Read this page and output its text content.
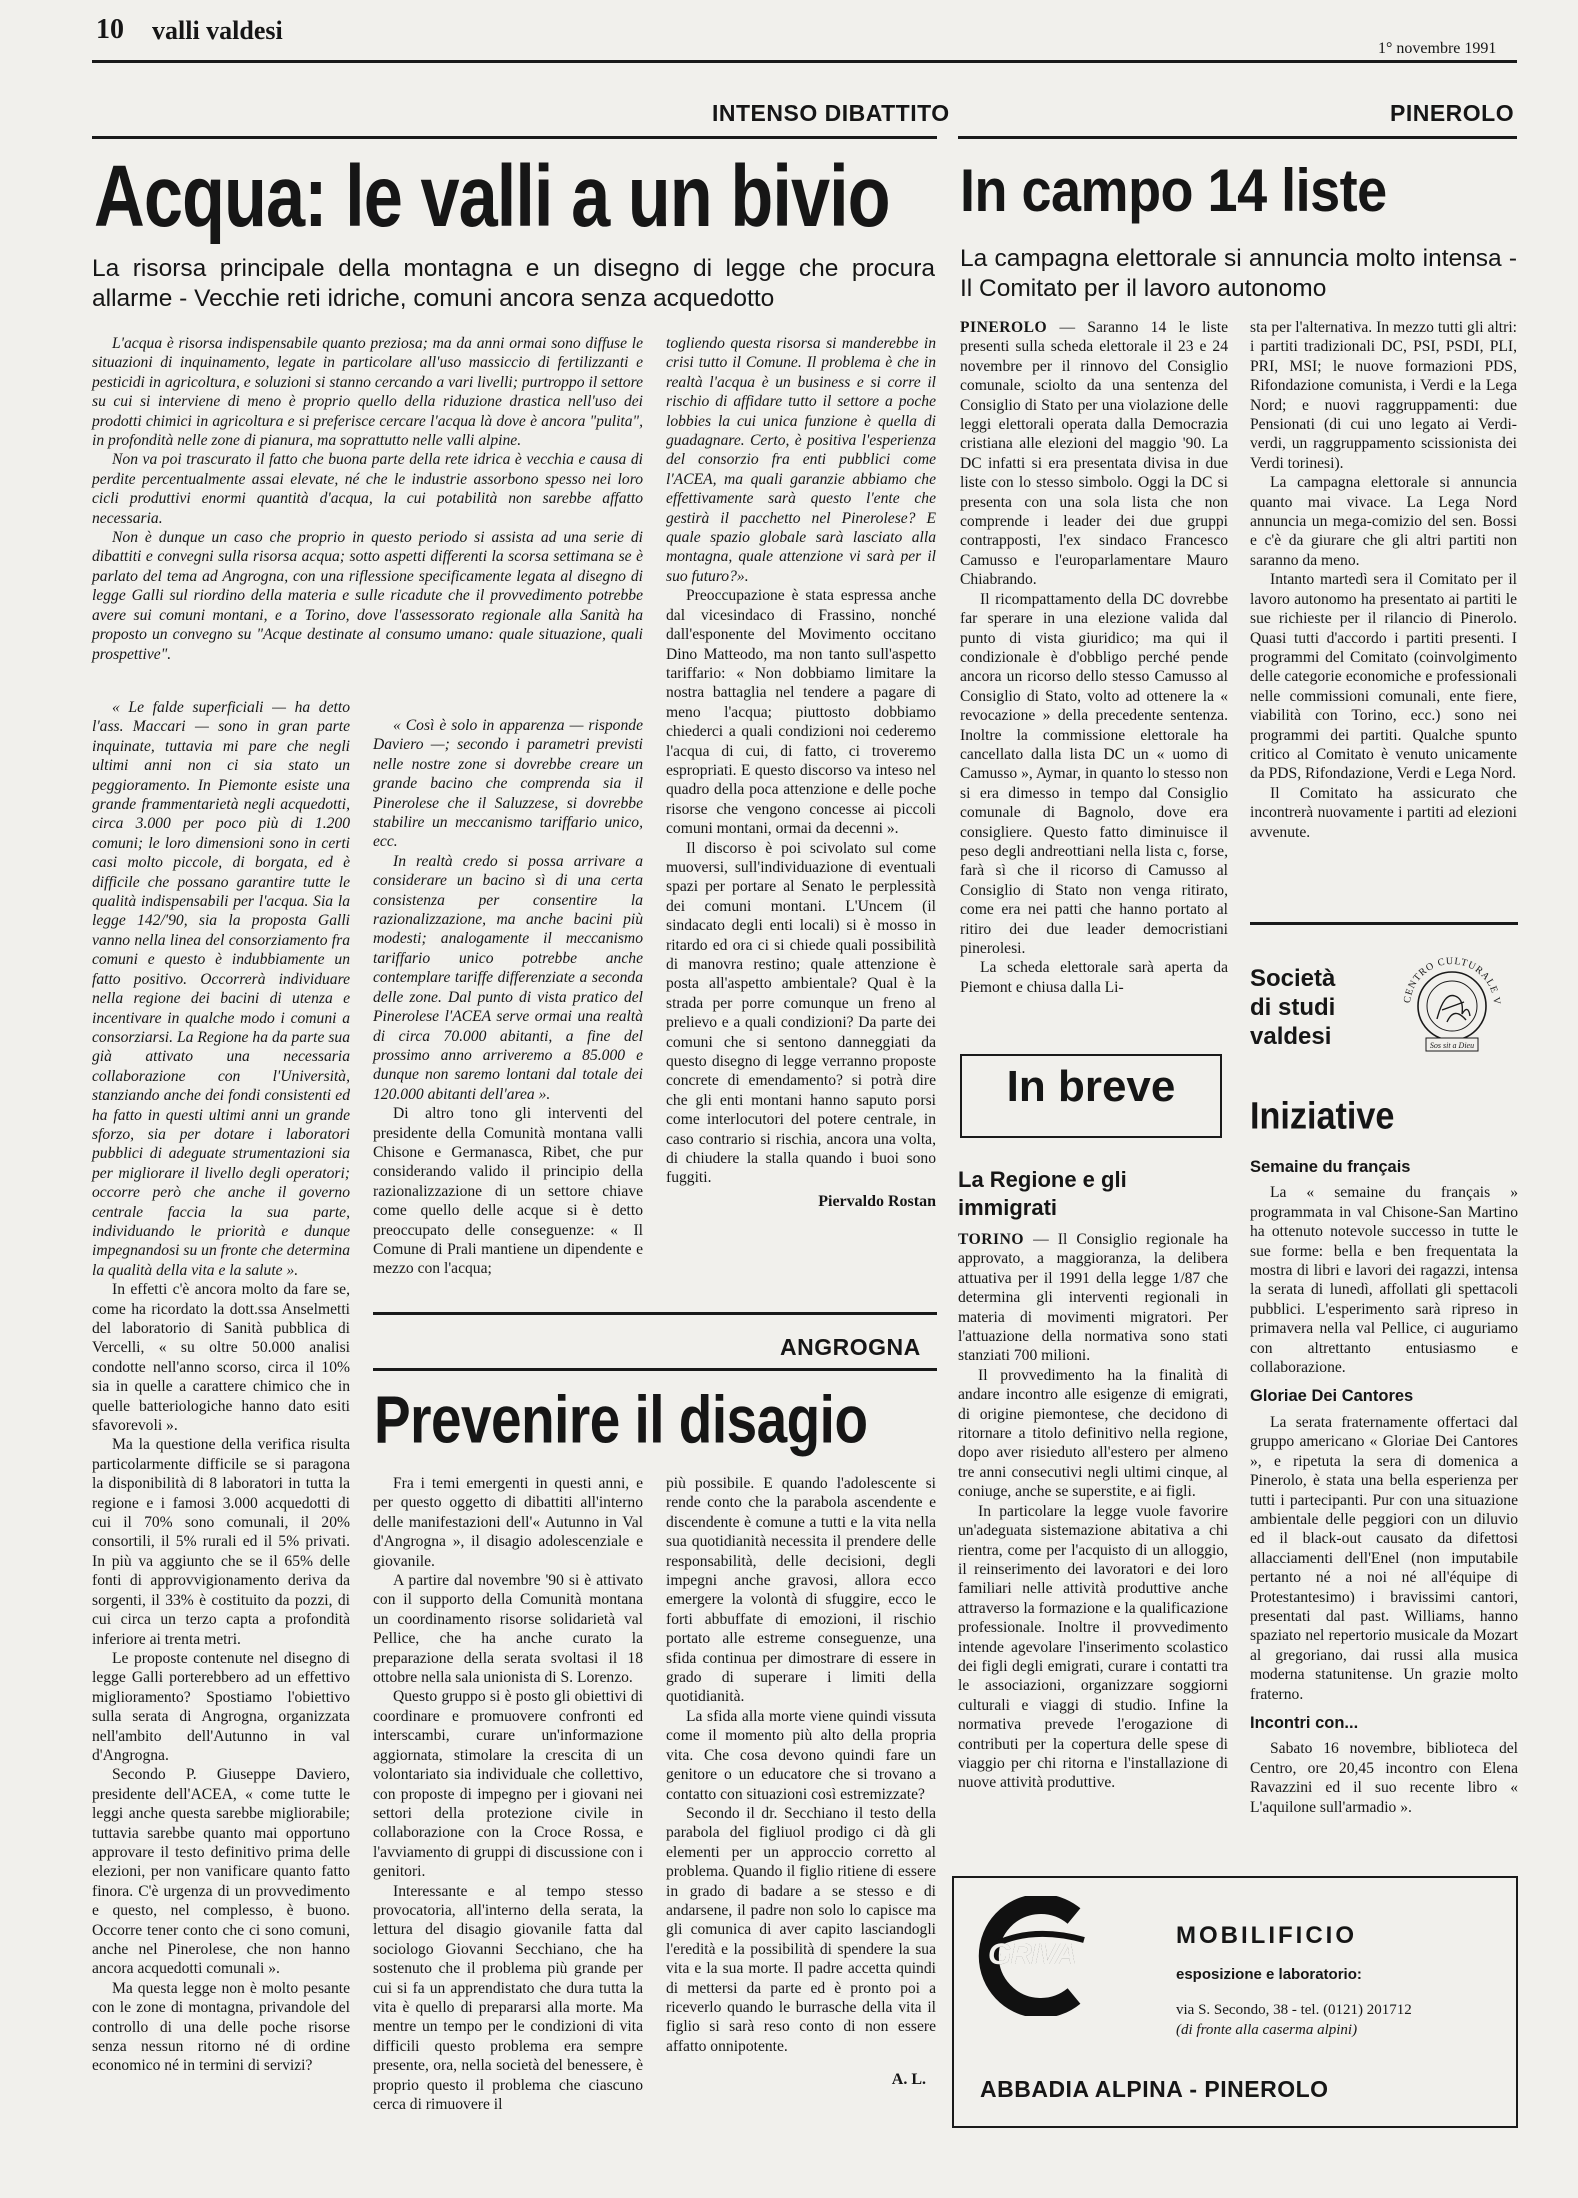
10 valli valdesi
1° novembre 1991
INTENSO DIBATTITO
Acqua: le valli a un bivio
La risorsa principale della montagna e un disegno di legge che procura allarme - Vecchie reti idriche, comuni ancora senza acquedotto

L'acqua è risorsa indispensabile quanto preziosa; ma da anni ormai sono diffuse le situazioni di inquinamento, legate in particolare all'uso massiccio di fertilizzanti e pesticidi in agricoltura, e soluzioni si stanno cercando a vari livelli; purtroppo il settore su cui si interviene di meno è proprio quello della riduzione drastica nell'uso dei prodotti chimici in agricoltura e si preferisce cercare l'acqua là dove è ancora "pulita", in profondità nelle zone di pianura, ma soprattutto nelle valli alpine.

Non va poi trascurato il fatto che buona parte della rete idrica è vecchia e causa di perdite percentualmente assai elevate, né che le industrie assorbono spesso nei loro cicli produttivi enormi quantità d'acqua, la cui potabilità non sarebbe affatto necessaria.

Non è dunque un caso che proprio in questo periodo si assista ad una serie di dibattiti e convegni sulla risorsa acqua; sotto aspetti differenti la scorsa settimana se è parlato del tema ad Angrogna, con una riflessione specificamente legata al disegno di legge Galli sul riordino della materia e sulle ricadute che il provvedimento potrebbe avere sui comuni montani, e a Torino, dove l'assessorato regionale alla Sanità ha proposto un convegno su "Acque destinate al consumo umano: quale situazione, quali prospettive".

togliendo questa risorsa si manderebbe in crisi tutto il Comune. Il problema è che in realtà l'acqua è un business e si corre il rischio di affidare tutto il settore a poche lobbies la cui unica funzione è quella di guadagnare. Certo, è positiva l'esperienza del consorzio fra enti pubblici come l'ACEA, ma quali garanzie abbiamo che effettivamente sarà questo l'ente che gestirà il pacchetto nel Pinerolese? E quale spazio globale sarà lasciato alla montagna, quale attenzione vi sarà per il suo futuro?».

Preoccupazione è stata espressa anche dal vicesindaco di Frassino, nonché dall'esponente del Movimento occitano Dino Matteodo, ma non tanto sull'aspetto tariffario: « Non dobbiamo limitare la nostra battaglia nel tendere a pagare di meno l'acqua; piuttosto dobbiamo chiederci a quali condizioni noi cederemo l'acqua di cui, di fatto, ci troveremo espropriati. E questo discorso va inteso nel quadro della poca attenzione e delle poche risorse che vengono concesse ai piccoli comuni montani, ormai da decenni ».

Il discorso è poi scivolato sul come muoversi, sull'individuazione di eventuali spazi per portare al Senato le perplessità dei comuni montani. L'Uncem (il sindacato degli enti locali) si è mosso in ritardo ed ora ci si chiede quali possibilità di manovra restino; quale attenzione è posta all'aspetto ambientale? Qual è la strada per porre comunque un freno al prelievo e a quali condizioni? Da parte dei comuni che si sentono danneggiati da questo disegno di legge verranno proposte concrete di emendamento? si potrà dire che gli enti montani hanno saputo porsi come interlocutori del potere centrale, in caso contrario si rischia, ancora una volta, di chiudere la stalla quando i buoi sono fuggiti.

Piervaldo Rostan

« Le falde superficiali — ha detto l'ass. Maccari — sono in gran parte inquinate, tuttavia mi pare che negli ultimi anni non ci sia stato un peggioramento. In Piemonte esiste una grande frammentarietà negli acquedotti, circa 3.000 per poco più di 1.200 comuni; le loro dimensioni sono in certi casi molto piccole, di borgata, ed è difficile che possano garantire tutte le qualità indispensabili per l'acqua. Sia la legge 142/'90, sia la proposta Galli vanno nella linea del consorziamento fra comuni e questo è indubbiamente un fatto positivo. Occorrerà individuare nella regione dei bacini di utenza e incentivare in qualche modo i comuni a consorziarsi. La Regione ha da parte sua già attivato una necessaria collaborazione con l'Università, stanziando anche dei fondi consistenti ed ha fatto in questi ultimi anni un grande sforzo, sia per dotare i laboratori pubblici di adeguate strumentazioni sia per migliorare il livello degli operatori; occorre però che anche il governo centrale faccia la sua parte, individuando le priorità e dunque impegnandosi su un fronte che determina la qualità della vita e la salute ».

In effetti c'è ancora molto da fare se, come ha ricordato la dott.ssa Anselmetti del laboratorio di Sanità pubblica di Vercelli, « su oltre 50.000 analisi condotte nell'anno scorso, circa il 10% sia in quelle a carattere chimico che in quelle batteriologiche hanno dato esiti sfavorevoli ».

Ma la questione della verifica risulta particolarmente difficile se si paragona la disponibilità di 8 laboratori in tutta la regione e i famosi 3.000 acquedotti di cui il 70% sono comunali, il 20% consortili, il 5% rurali ed il 5% privati. In più va aggiunto che se il 65% delle fonti di approvvigionamento deriva da sorgenti, il 33% è costituito da pozzi, di cui circa un terzo capta a profondità inferiore ai trenta metri.

Le proposte contenute nel disegno di legge Galli porterebbero ad un effettivo miglioramento? Spostiamo l'obiettivo sulla serata di Angrogna, organizzata nell'ambito dell'Autunno in val d'Angrogna.

Secondo P. Giuseppe Daviero, presidente dell'ACEA, « come tutte le leggi anche questa sarebbe migliorabile; tuttavia sarebbe quanto mai opportuno approvare il testo definitivo prima delle elezioni, per non vanificare quanto fatto finora. C'è urgenza di un provvedimento e questo, nel complesso, è buono. Occorre tener conto che ci sono comuni, anche nel Pinerolese, che non hanno ancora acquedotti comunali ».

Ma questa legge non è molto pesante con le zone di montagna, privandole del controllo di una delle poche risorse senza nessun ritorno né di ordine economico né in termini di servizi?

« Così è solo in apparenza — risponde Daviero —; secondo i parametri previsti nelle nostre zone si dovrebbe creare un grande bacino che comprenda sia il Pinerolese che il Saluzzese, si dovrebbe stabilire un meccanismo tariffario unico, ecc.

In realtà credo si possa arrivare a considerare un bacino sì di una certa consistenza per consentire la razionalizzazione, ma anche bacini più modesti; analogamente il meccanismo tariffario unico potrebbe anche contemplare tariffe differenziate a seconda delle zone. Dal punto di vista pratico del Pinerolese l'ACEA serve ormai una realtà di circa 70.000 abitanti, a fine del prossimo anno arriveremo a 85.000 e dunque non saremo lontani dal totale dei 120.000 abitanti dell'area ».

Di altro tono gli interventi del presidente della Comunità montana valli Chisone e Germanasca, Ribet, che pur considerando valido il principio della razionalizzazione di un settore chiave come quello delle acque si è detto preoccupato delle conseguenze: « Il Comune di Prali mantiene un dipendente e mezzo con l'acqua;

ANGROGNA
Prevenire il disagio

Fra i temi emergenti in questi anni, e per questo oggetto di dibattiti all'interno delle manifestazioni dell'« Autunno in Val d'Angrogna », il disagio adolescenziale e giovanile.

A partire dal novembre '90 si è attivato con il supporto della Comunità montana un coordinamento risorse solidarietà val Pellice, che ha anche curato la preparazione della serata svoltasi il 18 ottobre nella sala unionista di S. Lorenzo.

Questo gruppo si è posto gli obiettivi di coordinare e promuovere confronti ed interscambi, curare un'informazione aggiornata, stimolare la crescita di un volontariato sia individuale che collettivo, con proposte di impegno per i giovani nei settori della protezione civile in collaborazione con la Croce Rossa, e l'avviamento di gruppi di discussione con i genitori.

Interessante e al tempo stesso provocatoria, all'interno della serata, la lettura del disagio giovanile fatta dal sociologo Giovanni Secchiano, che ha sostenuto che il problema più grande per cui si fa un apprendistato che dura tutta la vita è quello di prepararsi alla morte. Ma mentre un tempo per le condizioni di vita difficili questo problema era sempre presente, ora, nella società del benessere, è proprio questo il problema che ciascuno cerca di rimuovere il

più possibile. E quando l'adolescente si rende conto che la parabola ascendente e discendente è comune a tutti e la vita nella sua quotidianità necessita il prendere delle responsabilità, delle decisioni, degli impegni anche gravosi, allora ecco emergere la volontà di sfuggire, ecco le forti abbuffate di emozioni, il rischio portato alle estreme conseguenze, una sfida continua per dimostrare di essere in grado di superare i limiti della quotidianità.

La sfida alla morte viene quindi vissuta come il momento più alto della propria vita. Che cosa devono quindi fare un genitore o un educatore che si trovano a contatto con situazioni così estremizzate?

Secondo il dr. Secchiano il testo della parabola del figliuol prodigo ci dà gli elementi per un approccio corretto al problema. Quando il figlio ritiene di essere in grado di badare a se stesso e di andarsene, il padre non solo lo capisce ma gli comunica di aver capito lasciandogli l'eredità e la possibilità di spendere la sua vita e la sua morte. Il padre accetta quindi di mettersi da parte ed è pronto poi a riceverlo quando le burrasche della vita il figlio si sarà reso conto di non essere affatto onnipotente.

A. L.
PINEROLO
In campo 14 liste
La campagna elettorale si annuncia molto intensa - Il Comitato per il lavoro autonomo

PINEROLO — Saranno 14 le liste presenti sulla scheda elettorale il 23 e 24 novembre per il rinnovo del Consiglio comunale, sciolto da una sentenza del Consiglio di Stato per una violazione delle leggi elettorali operata dalla Democrazia cristiana alle elezioni del maggio '90. La DC infatti si era presentata divisa in due liste con lo stesso simbolo. Oggi la DC si presenta con una sola lista che non comprende i leader dei due gruppi contrapposti, l'ex sindaco Francesco Camusso e l'europarlamentare Mauro Chiabrando.

Il ricompattamento della DC dovrebbe far sperare in una elezione valida dal punto di vista giuridico; ma qui il condizionale è d'obbligo perché pende ancora un ricorso dello stesso Camusso al Consiglio di Stato, volto ad ottenere la « revocazione » della precedente sentenza. Inoltre la commissione elettorale ha cancellato dalla lista DC un « uomo di Camusso », Aymar, in quanto lo stesso non si era dimesso in tempo dal Consiglio comunale di Bagnolo, dove era consigliere. Questo fatto diminuisce il peso degli andreottiani nella lista c, forse, farà sì che il ricorso di Camusso al Consiglio di Stato non venga ritirato, come era nei patti che hanno portato al ritiro dei due leader democristiani pinerolesi.

La scheda elettorale sarà aperta da Piemont e chiusa dalla Li-

sta per l'alternativa. In mezzo tutti gli altri: i partiti tradizionali DC, PSI, PSDI, PLI, PRI, MSI; le nuove formazioni PDS, Rifondazione comunista, i Verdi e la Lega Nord; e nuovi raggruppamenti: due Pensionati (di cui uno legato ai Verdi-verdi, un raggruppamento scissionista dei Verdi torinesi).

La campagna elettorale si annuncia quanto mai vivace. La Lega Nord annuncia un mega-comizio del sen. Bossi e c'è da giurare che gli altri partiti non saranno da meno.

Intanto martedì sera il Comitato per il lavoro autonomo ha presentato ai partiti le sue richieste per il rilancio di Pinerolo. Quasi tutti d'accordo i partiti presenti. I programmi del Comitato (coinvolgimento delle categorie economiche e professionali nelle commissioni comunali, ente fiere, viabilità con Torino, ecc.) sono nei programmi dei partiti. Qualche spunto critico al Comitato è venuto unicamente da PDS, Rifondazione, Verdi e Lega Nord.

Il Comitato ha assicurato che incontrerà nuovamente i partiti ad elezioni avvenute.

In breve
La Regione e gli immigrati

TORINO — Il Consiglio regionale ha approvato, a maggioranza, la delibera attuativa per il 1991 della legge 1/87 che determina gli interventi regionali in materia di movimenti migratori. Per l'attuazione della normativa sono stati stanziati 700 milioni.

Il provvedimento ha la finalità di andare incontro alle esigenze di emigrati, di origine piemontese, che decidono di ritornare a titolo definitivo nella regione, dopo aver risieduto all'estero per almeno tre anni consecutivi negli ultimi cinque, al coniuge, anche se superstite, e ai figli.

In particolare la legge vuole favorire un'adeguata sistemazione abitativa a chi rientra, come per l'acquisto di un alloggio, il reinserimento dei lavoratori e dei loro familiari nelle attività produttive anche attraverso la formazione e la qualificazione professionale. Inoltre il provvedimento intende agevolare l'inserimento scolastico dei figli degli emigrati, curare i contatti tra le associazioni, organizzare soggiorni culturali e viaggi di studio. Infine la normativa prevede l'erogazione di contributi per la copertura delle spese di viaggio per chi ritorna e l'installazione di nuove attività produttive.

Società
di studi
valdesi
CENTRO CULTURALE V
Sos sit a Dieu
Iniziative
Semaine du français

La « semaine du français » programmata in val Chisone-San Martino ha ottenuto notevole successo in tutte le sue forme: bella e ben frequentata la mostra di libri e lavori dei ragazzi, intensa la serata di lunedì, affollati gli spettacoli pubblici. L'esperimento sarà ripreso in primavera nella val Pellice, ci auguriamo con altrettanto entusiasmo e collaborazione.

Gloriae Dei Cantores

La serata fraternamente offertaci dal gruppo americano « Gloriae Dei Cantores », e ripetuta la sera di domenica a Pinerolo, è stata una bella esperienza per tutti i partecipanti. Pur con una situazione ambientale delle peggiori con un diluvio ed il black-out causato da difettosi allacciamenti dell'Enel (non imputabile pertanto né a noi né all'équipe di Protestantesimo) i bravissimi cantori, presentati dal past. Williams, hanno spaziato nel repertorio musicale da Mozart al gregoriano, dai russi alla musica moderna statunitense. Un grazie molto fraterno.

Incontri con...

Sabato 16 novembre, biblioteca del Centro, ore 20,45 incontro con Elena Ravazzini ed il suo recente libro « L'aquilone sull'armadio ».

GRIVA
MOBILIFICIO
esposizione e laboratorio:
via S. Secondo, 38 - tel. (0121) 201712
(di fronte alla caserma alpini)
ABBADIA ALPINA - PINEROLO
